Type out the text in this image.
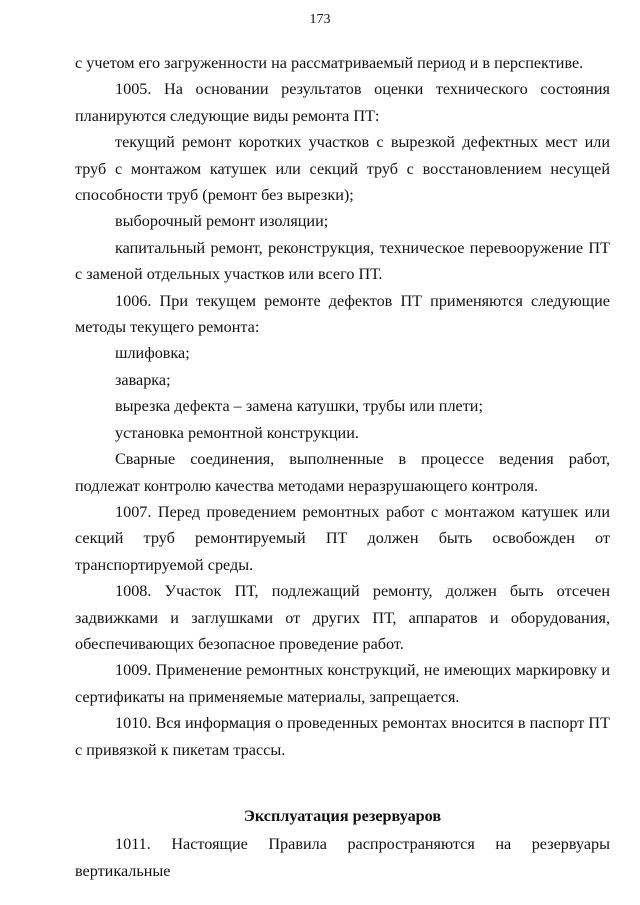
173

с учетом его загруженности на рассматриваемый период и в перспективе.

1005. На основании результатов оценки технического состояния планируются следующие виды ремонта ПТ:

текущий ремонт коротких участков с вырезкой дефектных мест или труб с монтажом катушек или секций труб с восстановлением несущей способности труб (ремонт без вырезки);

выборочный ремонт изоляции;

капитальный ремонт, реконструкция, техническое перевооружение ПТ с заменой отдельных участков или всего ПТ.

1006. При текущем ремонте дефектов ПТ применяются следующие методы текущего ремонта:

шлифовка;

заварка;

вырезка дефекта – замена катушки, трубы или плети;

установка ремонтной конструкции.

Сварные соединения, выполненные в процессе ведения работ, подлежат контролю качества методами неразрушающего контроля.

1007. Перед проведением ремонтных работ с монтажом катушек или секций труб ремонтируемый ПТ должен быть освобожден от транспортируемой среды.

1008. Участок ПТ, подлежащий ремонту, должен быть отсечен задвижками и заглушками от других ПТ, аппаратов и оборудования, обеспечивающих безопасное проведение работ.

1009. Применение ремонтных конструкций, не имеющих маркировку и сертификаты на применяемые материалы, запрещается.

1010. Вся информация о проведенных ремонтах вносится в паспорт ПТ с привязкой к пикетам трассы.

Эксплуатация резервуаров

1011. Настоящие Правила распространяются на резервуары вертикальные
